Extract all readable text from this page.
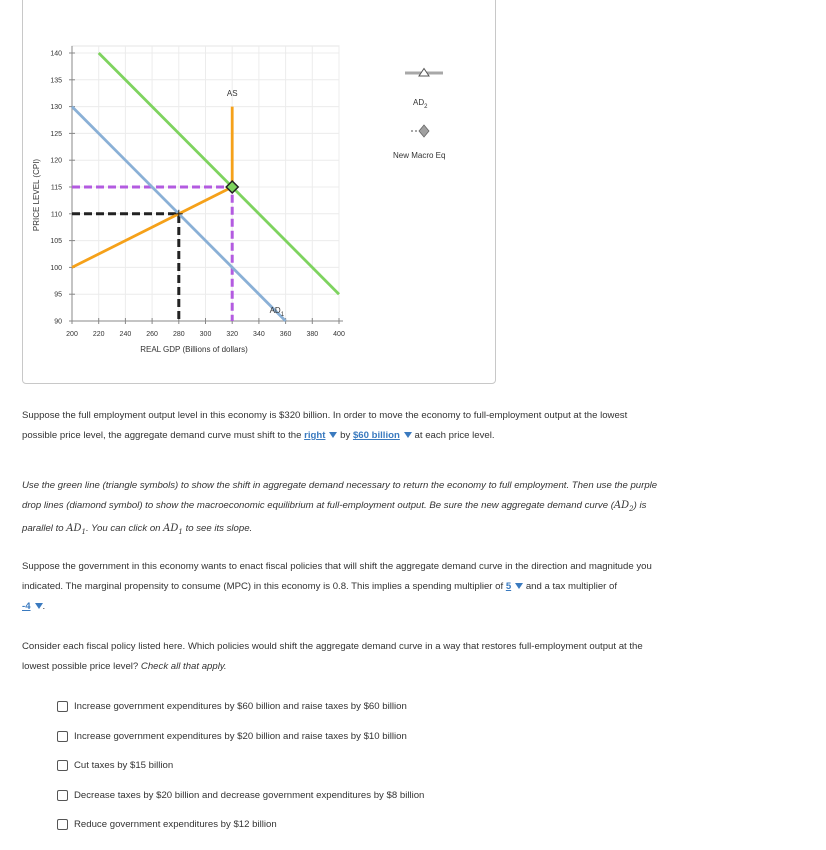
140
135
130
125
120
115
110
105
100
95
90
200 220 240 260 280 300 320 340 360 380 400
AS
$AD_1$
PRICE LEVEL (CPI)
REAL GDP (Billions of dollars)
$AD_2$
New Macro Eq
Suppose the full employment output level in this economy is $320 billion. In order to move the economy to full-employment output at the lowest
possible price level, the aggregate demand curve must shift to the right by $60 billion at each price level.
Use the green line (triangle symbols) to show the shift in aggregate demand necessary to return the economy to full employment. Then use the purple
drop lines (diamond symbol) to show the macroeconomic equilibrium at full-employment output. Be sure the new aggregate demand curve $(AD_2)$ is
parallel to $AD_1$. You can click on $AD_1$ to see its slope.
Suppose the government in this economy wants to enact fiscal policies that will shift the aggregate demand curve in the direction and magnitude you
indicated. The marginal propensity to consume (MPC) in this economy is 0.8. This implies a spending multiplier of 5 and a tax multiplier of
-4 .
Consider each fiscal policy listed here. Which policies would shift the aggregate demand curve in a way that restores full-employment output at the
lowest possible price level? Check all that apply.
Increase government expenditures by $60 billion and raise taxes by $60 billion
Increase government expenditures by $20 billion and raise taxes by $10 billion
Cut taxes by $15 billion
Decrease taxes by $20 billion and decrease government expenditures by $8 billion
Reduce government expenditures by $12 billion
